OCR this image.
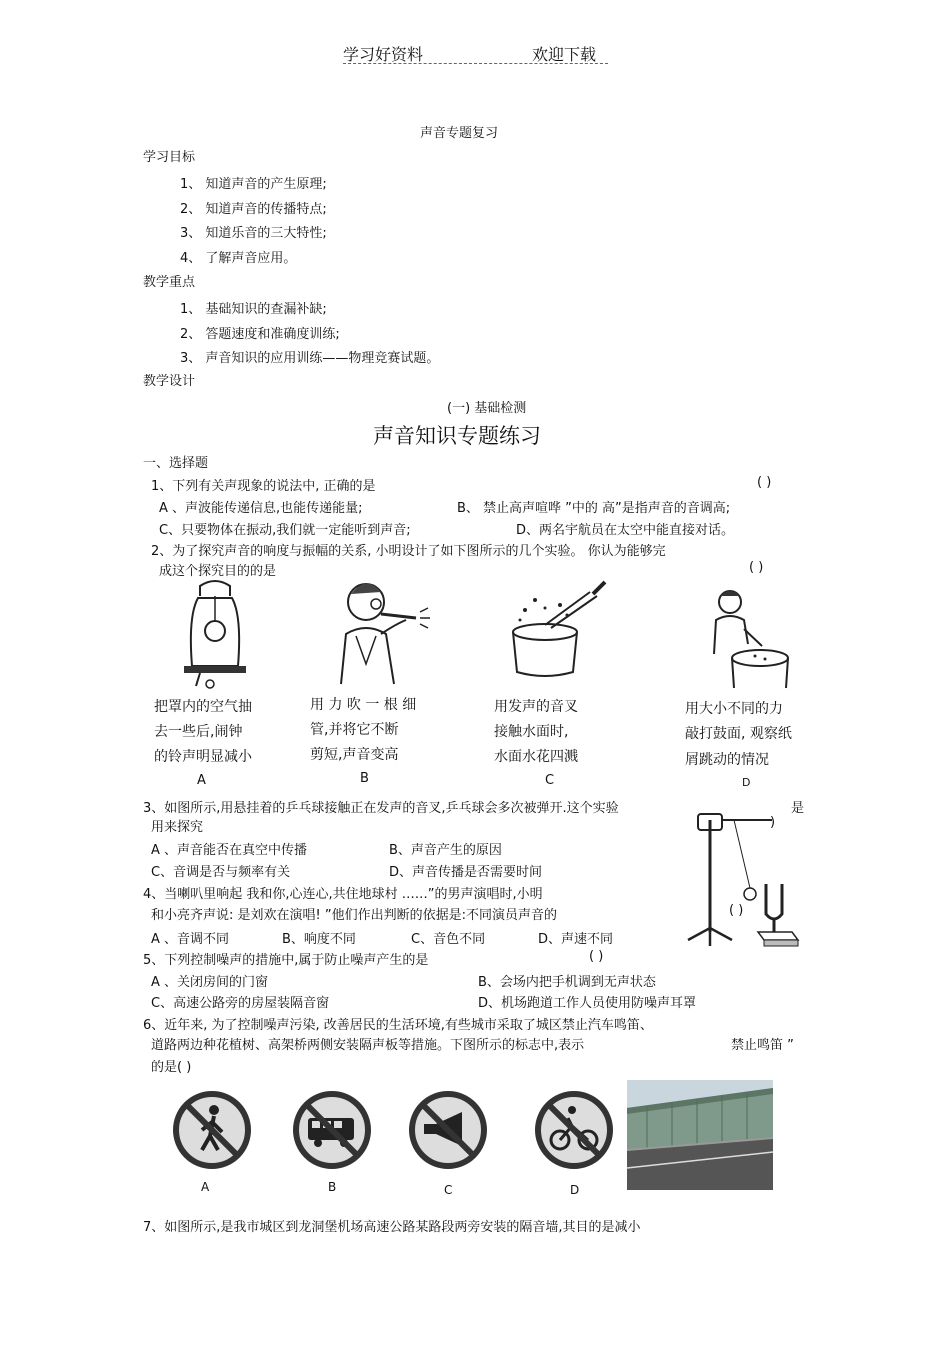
学习好资料	欢迎下载
声音专题复习
学习目标
1、 知道声音的产生原理;
2、 知道声音的传播特点;
3、 知道乐音的三大特性;
4、 了解声音应用。
教学重点
1、 基础知识的查漏补缺;
2、 答题速度和准确度训练;
3、 声音知识的应用训练——物理竞赛试题。
教学设计
(一) 基础检测
声音知识专题练习
一、选择题
1、下列有关声现象的说法中, 正确的是	( )
A 、声波能传递信息,也能传递能量;	B、 禁止高声喧哗 ”中的 高”是指声音的音调高;
C、只要物体在振动,我们就一定能听到声音;	D、两名宇航员在太空中能直接对话。
2、为了探究声音的响度与振幅的关系, 小明设计了如下图所示的几个实验。 你认为能够完
成这个探究目的的是	( )
把罩内的空气抽
去一些后,闹钟
的铃声明显减小
A
用 力 吹 一 根 细
管,并将它不断
剪短,声音变高
B
用发声的音叉
接触水面时,
水面水花四溅
C
用大小不同的力
敲打鼓面, 观察纸
屑跳动的情况
D
3、如图所示,用悬挂着的乒乓球接触正在发声的音叉,乒乓球会多次被弹开.这个实验	是
用来探究	)
A 、声音能否在真空中传播	B、声音产生的原因
C、音调是否与频率有关	D、声音传播是否需要时间
4、当喇叭里响起 我和你,心连心,共住地球村 ……”的男声演唱时,小明
和小亮齐声说: 是刘欢在演唱! ”他们作出判断的依据是:不同演员声音的	( )
A 、音调不同	B、响度不同	C、音色不同	D、声速不同
5、下列控制噪声的措施中,属于防止噪声产生的是	( )
A 、关闭房间的门窗	B、会场内把手机调到无声状态
C、高速公路旁的房屋装隔音窗	D、机场跑道工作人员使用防噪声耳罩
6、近年来, 为了控制噪声污染, 改善居民的生活环境,有些城市采取了城区禁止汽车鸣笛、
道路两边种花植树、高架桥两侧安装隔声板等措施。下图所示的标志中,表示	禁止鸣笛 ”
的是( )
A	B	C	D
7、如图所示,是我市城区到龙洞堡机场高速公路某路段两旁安装的隔音墙,其目的是减小
